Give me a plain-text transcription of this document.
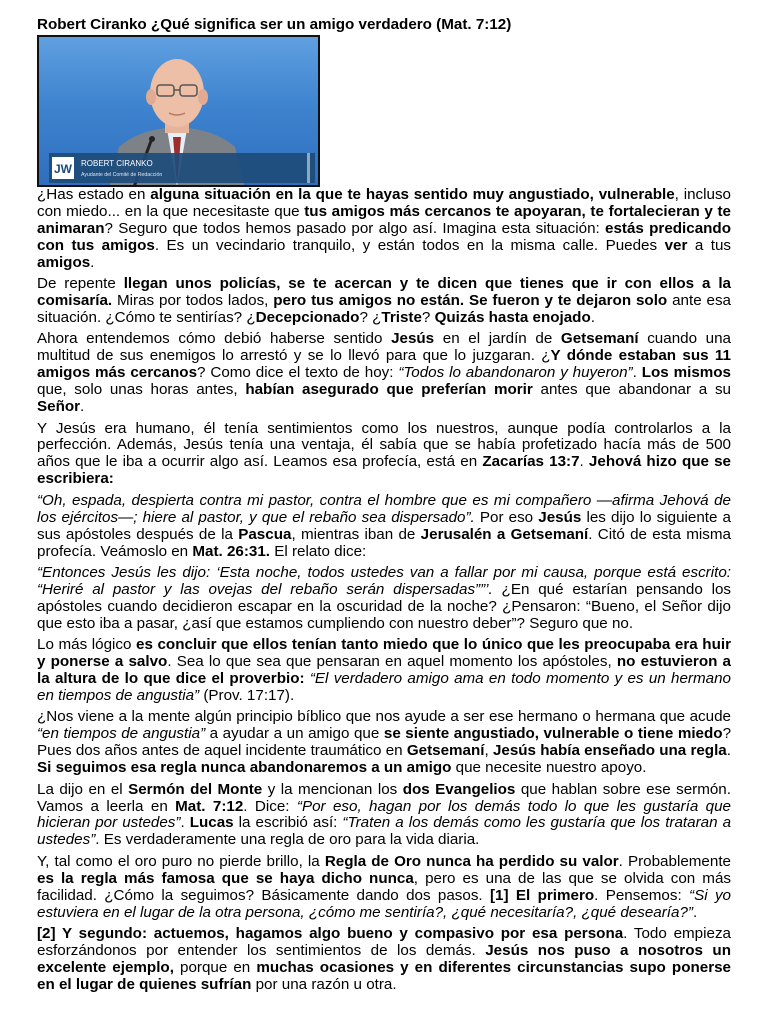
Robert Ciranko ¿Qué significa ser un amigo verdadero (Mat. 7:12)
JW ROBERT CIRANKO
Ayudante del Comité de Redacción

¿Has estado en alguna situación en la que te hayas sentido muy angustiado, vulnerable, incluso con miedo... en la que necesitaste que tus amigos más cercanos te apoyaran, te fortalecieran y te animaran? Seguro que todos hemos pasado por algo así. Imagina esta situación: estás predicando con tus amigos. Es un vecindario tranquilo, y están todos en la misma calle. Puedes ver a tus amigos.

De repente llegan unos policías, se te acercan y te dicen que tienes que ir con ellos a la comisaría. Miras por todos lados, pero tus amigos no están. Se fueron y te dejaron solo ante esa situación. ¿Cómo te sentirías? ¿Decepcionado? ¿Triste? Quizás hasta enojado.

Ahora entendemos cómo debió haberse sentido Jesús en el jardín de Getsemaní cuando una multitud de sus enemigos lo arrestó y se lo llevó para que lo juzgaran. ¿Y dónde estaban sus 11 amigos más cercanos? Como dice el texto de hoy: “Todos lo abandonaron y huyeron”. Los mismos que, solo unas horas antes, habían asegurado que preferían morir antes que abandonar a su Señor.

Y Jesús era humano, él tenía sentimientos como los nuestros, aunque podía controlarlos a la perfección. Además, Jesús tenía una ventaja, él sabía que se había profetizado hacía más de 500 años que le iba a ocurrir algo así. Leamos esa profecía, está en Zacarías 13:7. Jehová hizo que se escribiera:

“Oh, espada, despierta contra mi pastor, contra el hombre que es mi compañero —afirma Jehová de los ejércitos—; hiere al pastor, y que el rebaño sea dispersado”. Por eso Jesús les dijo lo siguiente a sus apóstoles después de la Pascua, mientras iban de Jerusalén a Getsemaní. Citó de esta misma profecía. Veámoslo en Mat. 26:31. El relato dice:

“Entonces Jesús les dijo: ‘Esta noche, todos ustedes van a fallar por mi causa, porque está escrito: “Heriré al pastor y las ovejas del rebaño serán dispersadas””’. ¿En qué estarían pensando los apóstoles cuando decidieron escapar en la oscuridad de la noche? ¿Pensaron: “Bueno, el Señor dijo que esto iba a pasar, ¿así que estamos cumpliendo con nuestro deber”? Seguro que no.

Lo más lógico es concluir que ellos tenían tanto miedo que lo único que les preocupaba era huir y ponerse a salvo. Sea lo que sea que pensaran en aquel momento los apóstoles, no estuvieron a la altura de lo que dice el proverbio: “El verdadero amigo ama en todo momento y es un hermano en tiempos de angustia” (Prov. 17:17).

¿Nos viene a la mente algún principio bíblico que nos ayude a ser ese hermano o hermana que acude “en tiempos de angustia” a ayudar a un amigo que se siente angustiado, vulnerable o tiene miedo? Pues dos años antes de aquel incidente traumático en Getsemaní, Jesús había enseñado una regla.

Si seguimos esa regla nunca abandonaremos a un amigo que necesite nuestro apoyo.

La dijo en el Sermón del Monte y la mencionan los dos Evangelios que hablan sobre ese sermón. Vamos a leerla en Mat. 7:12. Dice: “Por eso, hagan por los demás todo lo que les gustaría que hicieran por ustedes”. Lucas la escribió así: “Traten a los demás como les gustaría que los trataran a ustedes”. Es verdaderamente una regla de oro para la vida diaria.

Y, tal como el oro puro no pierde brillo, la Regla de Oro nunca ha perdido su valor. Probablemente es la regla más famosa que se haya dicho nunca, pero es una de las que se olvida con más facilidad. ¿Cómo la seguimos? Básicamente dando dos pasos. [1] El primero. Pensemos: “Si yo estuviera en el lugar de la otra persona, ¿cómo me sentiría?, ¿qué necesitaría?, ¿qué desearía?”.

[2] Y segundo: actuemos, hagamos algo bueno y compasivo por esa persona. Todo empieza esforzándonos por entender los sentimientos de los demás. Jesús nos puso a nosotros un excelente ejemplo, porque en muchas ocasiones y en diferentes circunstancias supo ponerse en el lugar de quienes sufrían por una razón u otra.
